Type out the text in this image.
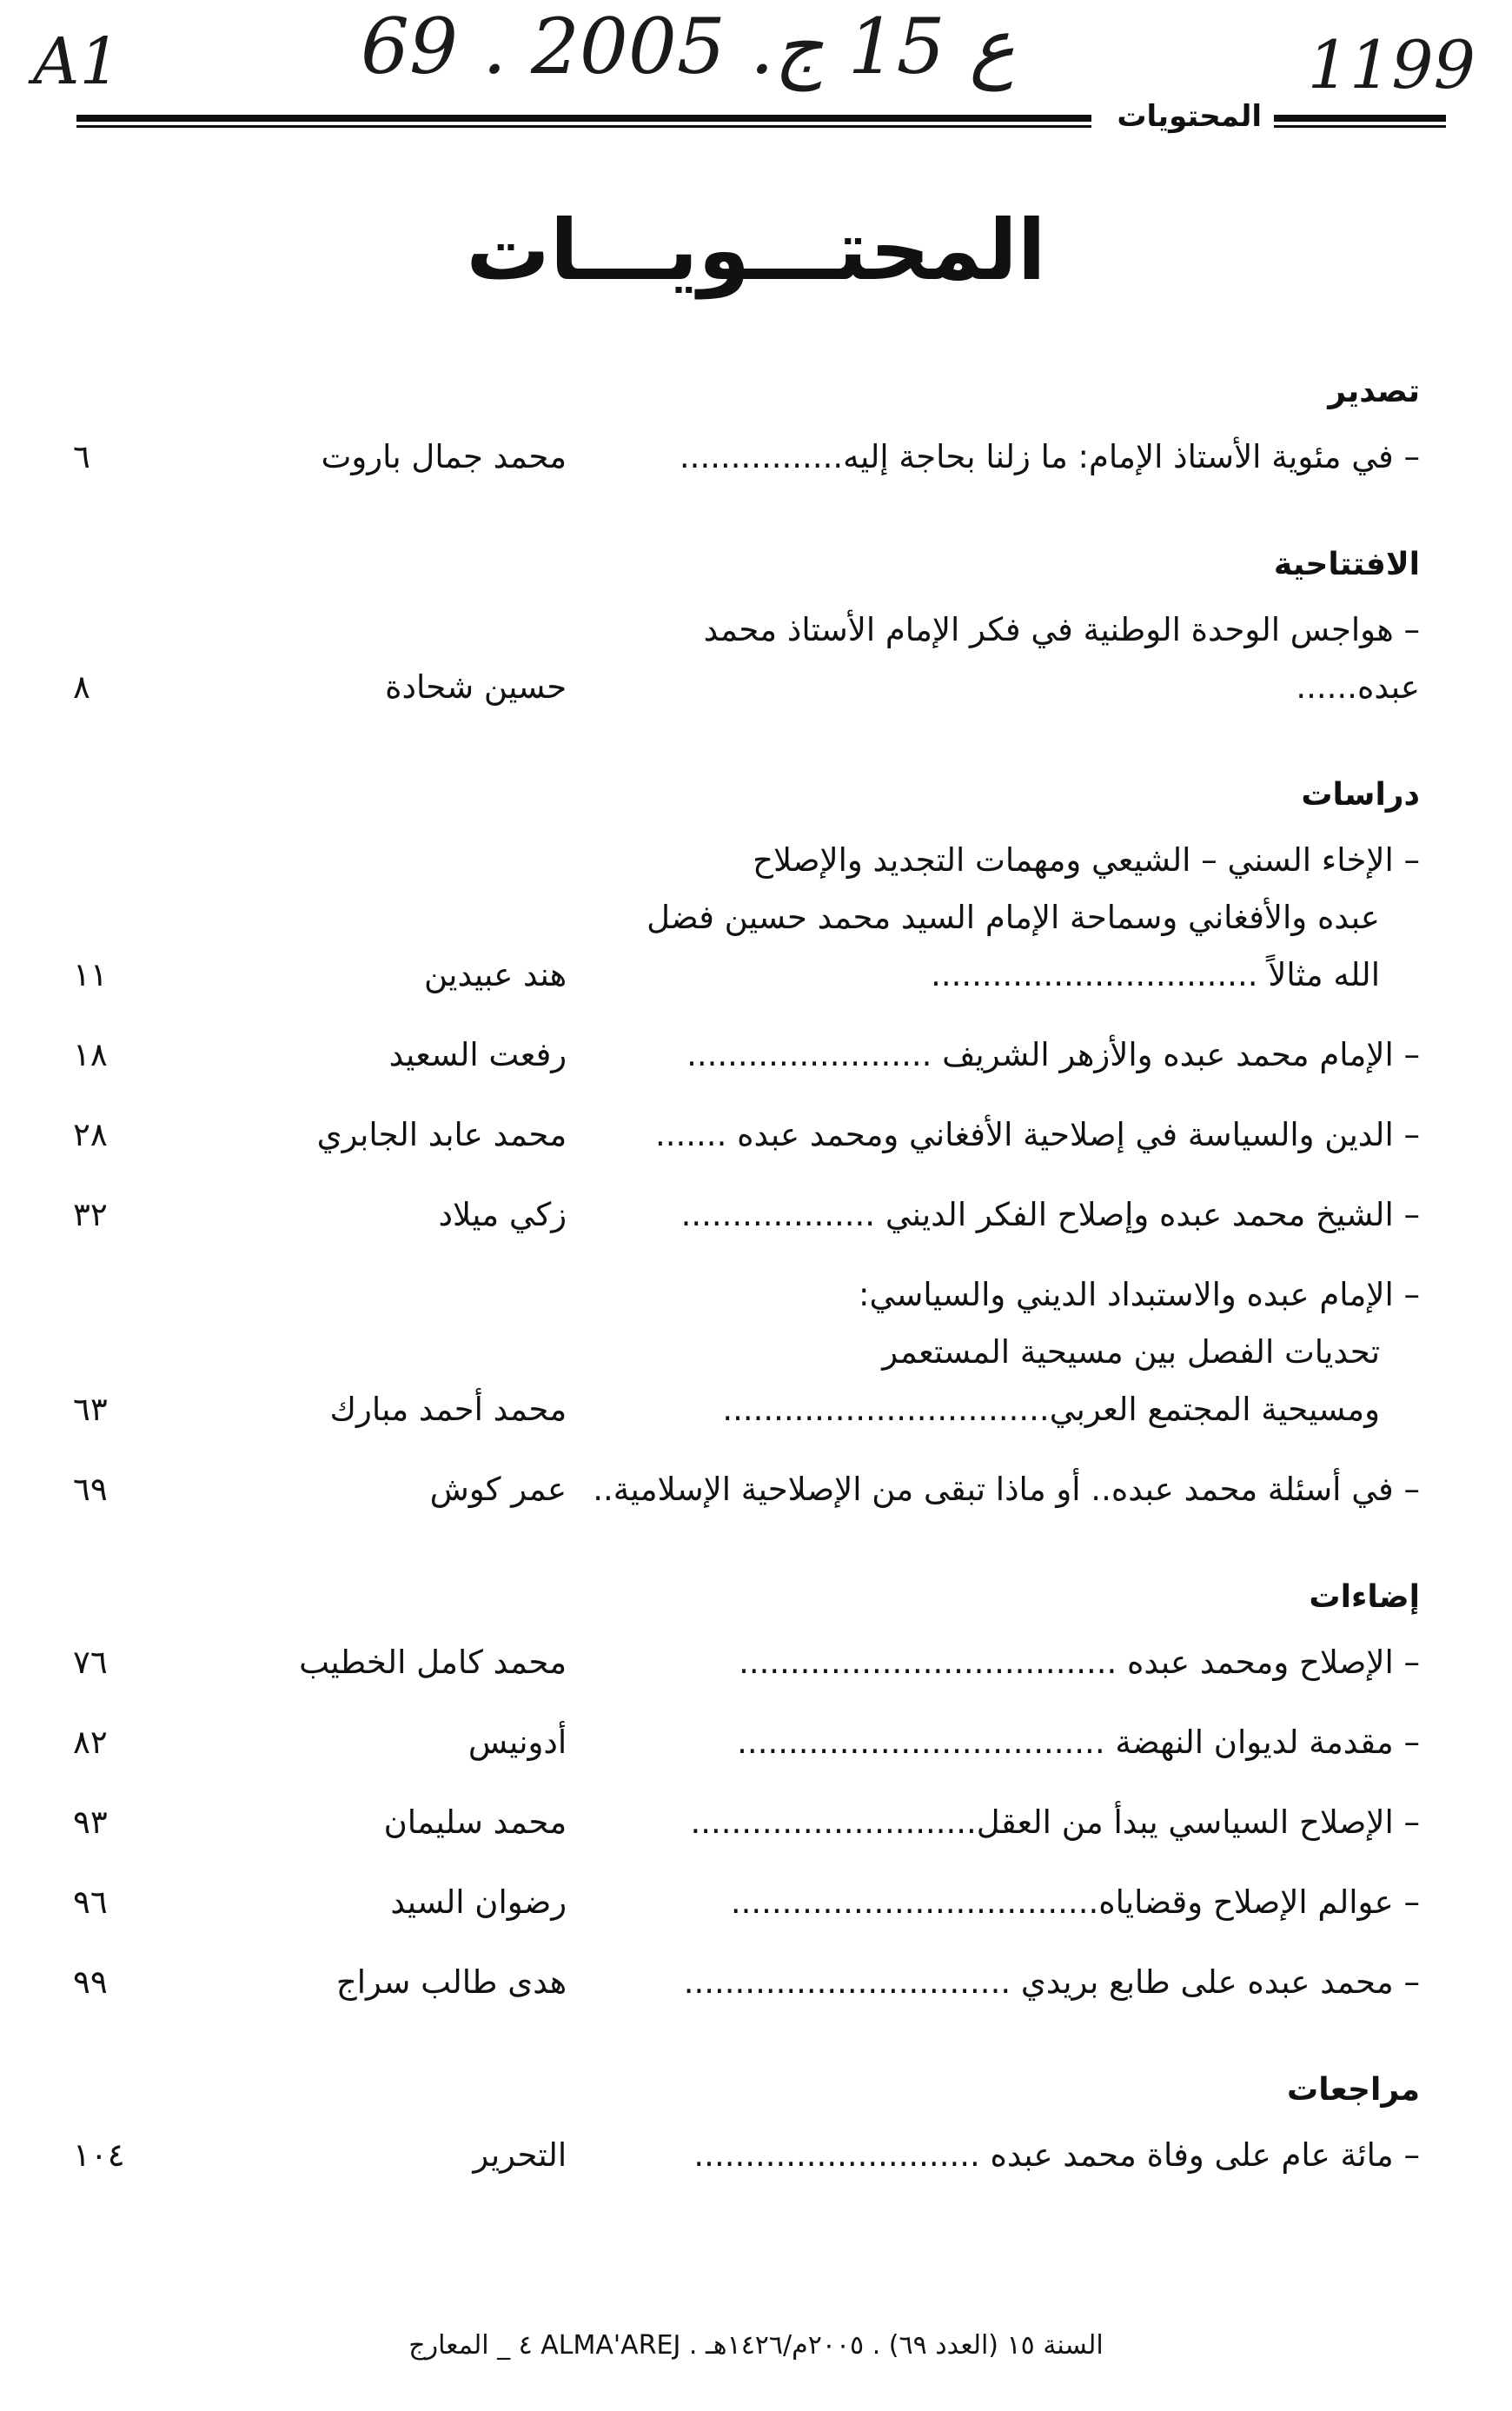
A1	69 . ع 15 ج. 2005	1199
المحتويات
المحتـــويـــات
تصدير
– في مئوية الأستاذ الإمام: ما زلنا بحاجة إليه................
محمد جمال باروت
٦
الافتتاحية
– هواجس الوحدة الوطنية في فكر الإمام الأستاذ محمد عبده......
حسين شحادة
٨
دراسات
– الإخاء السني – الشيعي ومهمات التجديد والإصلاح
عبده والأفغاني وسماحة الإمام السيد محمد حسين فضل
الله مثالاً ................................
هند عبيدين
١١
– الإمام محمد عبده والأزهر الشريف ........................
رفعت السعيد
١٨
– الدين والسياسة في إصلاحية الأفغاني ومحمد عبده .......
محمد عابد الجابري
٢٨
– الشيخ محمد عبده وإصلاح الفكر الديني ...................
زكي ميلاد
٣٢
– الإمام عبده والاستبداد الديني والسياسي:
تحديات الفصل بين مسيحية المستعمر
ومسيحية المجتمع العربي................................
محمد أحمد مبارك
٦٣
– في أسئلة محمد عبده.. أو ماذا تبقى من الإصلاحية الإسلامية..
عمر كوش
٦٩
إضاءات
– الإصلاح ومحمد عبده .....................................
محمد كامل الخطيب
٧٦
– مقدمة لديوان النهضة ....................................
أدونيس
٨٢
– الإصلاح السياسي يبدأ من العقل............................
محمد سليمان
٩٣
– عوالم الإصلاح وقضاياه....................................
رضوان السيد
٩٦
– محمد عبده على طابع بريدي ................................
هدى طالب سراج
٩٩
مراجعات
– مائة عام على وفاة محمد عبده ............................
التحرير
١٠٤
٤ _ المعارج ALMA'AREJ . السنة ١٥ (العدد ٦٩) . ٢٠٠٥م/١٤٢٦هـ
